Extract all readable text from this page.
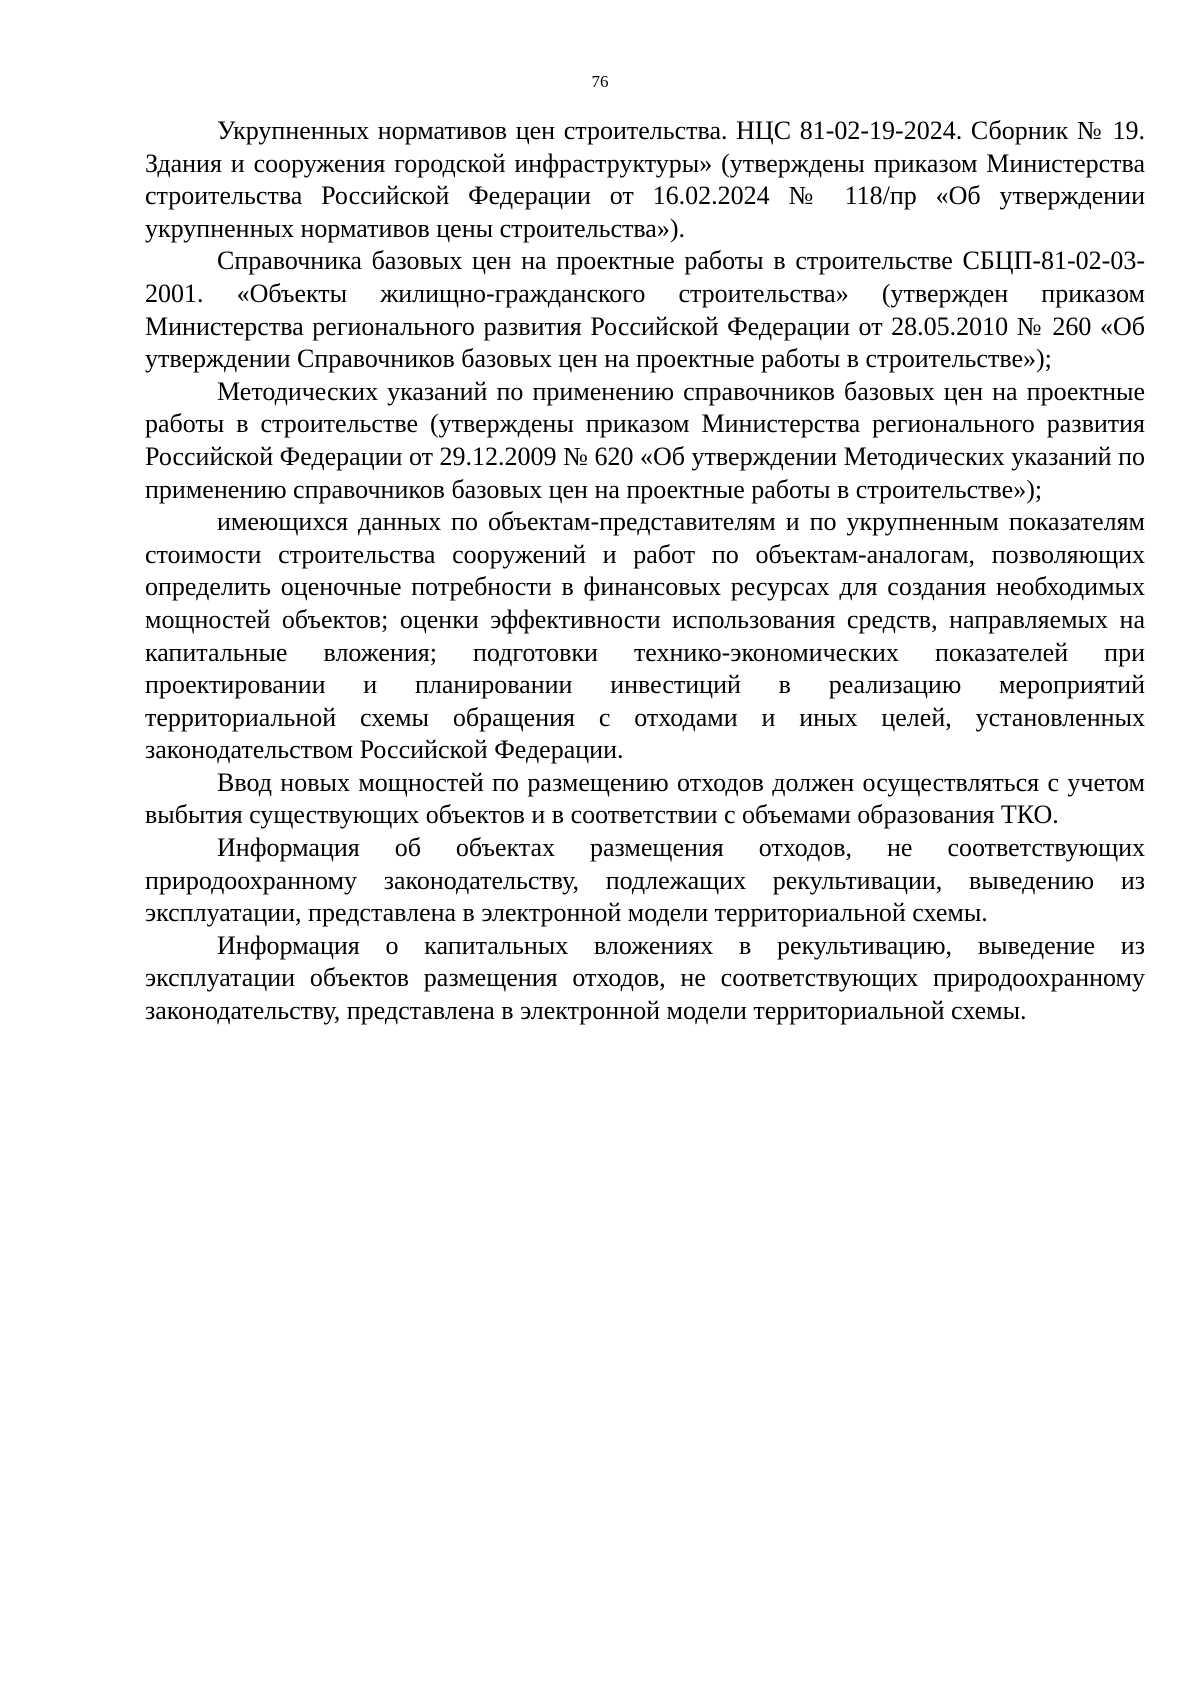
76

Укрупненных нормативов цен строительства. НЦС 81-02-19-2024. Сборник № 19. Здания и сооружения городской инфраструктуры» (утверждены приказом Министерства строительства Российской Федерации от 16.02.2024 № 118/пр «Об утверждении укрупненных нормативов цены строительства»).

Справочника базовых цен на проектные работы в строительстве СБЦП-81-02-03-2001. «Объекты жилищно-гражданского строительства» (утвержден приказом Министерства регионального развития Российской Федерации от 28.05.2010 № 260 «Об утверждении Справочников базовых цен на проектные работы в строительстве»);

Методических указаний по применению справочников базовых цен на проектные работы в строительстве (утверждены приказом Министерства регионального развития Российской Федерации от 29.12.2009 № 620 «Об утверждении Методических указаний по применению справочников базовых цен на проектные работы в строительстве»);

имеющихся данных по объектам-представителям и по укрупненным показателям стоимости строительства сооружений и работ по объектам-аналогам, позволяющих определить оценочные потребности в финансовых ресурсах для создания необходимых мощностей объектов; оценки эффективности использования средств, направляемых на капитальные вложения; подготовки технико-экономических показателей при проектировании и планировании инвестиций в реализацию мероприятий территориальной схемы обращения с отходами и иных целей, установленных законодательством Российской Федерации.

Ввод новых мощностей по размещению отходов должен осуществляться с учетом выбытия существующих объектов и в соответствии с объемами образования ТКО.

Информация об объектах размещения отходов, не соответствующих природоохранному законодательству, подлежащих рекультивации, выведению из эксплуатации, представлена в электронной модели территориальной схемы.

Информация о капитальных вложениях в рекультивацию, выведение из эксплуатации объектов размещения отходов, не соответствующих природоохранному законодательству, представлена в электронной модели территориальной схемы.
